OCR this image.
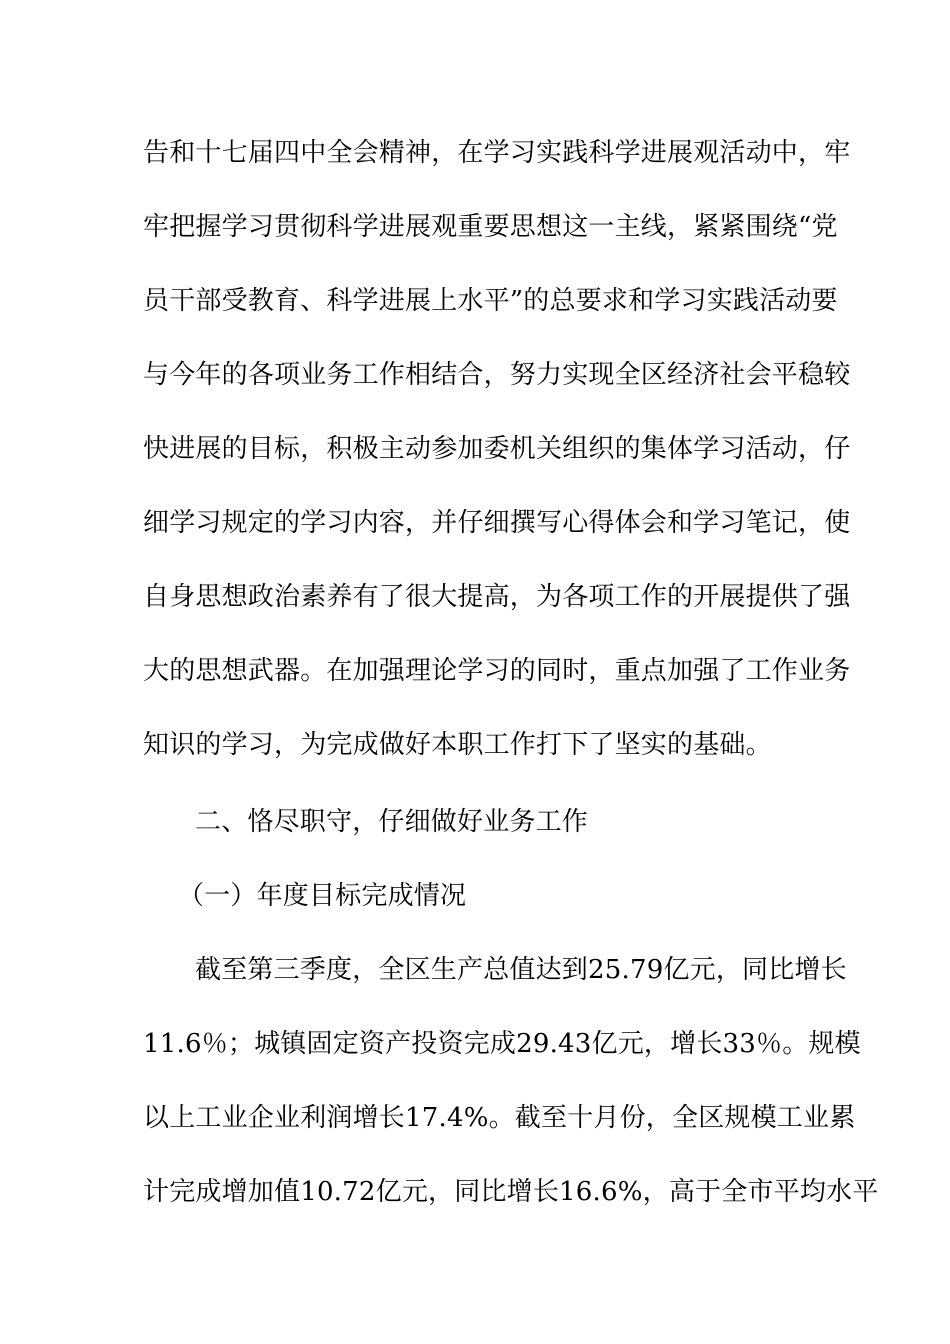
告和十七届四中全会精神，在学习实践科学进展观活动中，牢
牢把握学习贯彻科学进展观重要思想这一主线，紧紧围绕“党
员干部受教育、科学进展上水平”的总要求和学习实践活动要
与今年的各项业务工作相结合，努力实现全区经济社会平稳较
快进展的目标，积极主动参加委机关组织的集体学习活动，仔
细学习规定的学习内容，并仔细撰写心得体会和学习笔记，使
自身思想政治素养有了很大提高，为各项工作的开展提供了强
大的思想武器。在加强理论学习的同时，重点加强了工作业务
知识的学习，为完成做好本职工作打下了坚实的基础。
二、恪尽职守，仔细做好业务工作
（一）年度目标完成情况
截至第三季度，全区生产总值达到25.79亿元，同比增长
11.6％；城镇固定资产投资完成29.43亿元，增长33％。规模
以上工业企业利润增长17.4%。截至十月份，全区规模工业累
计完成增加值10.72亿元，同比增长16.6%，高于全市平均水平
